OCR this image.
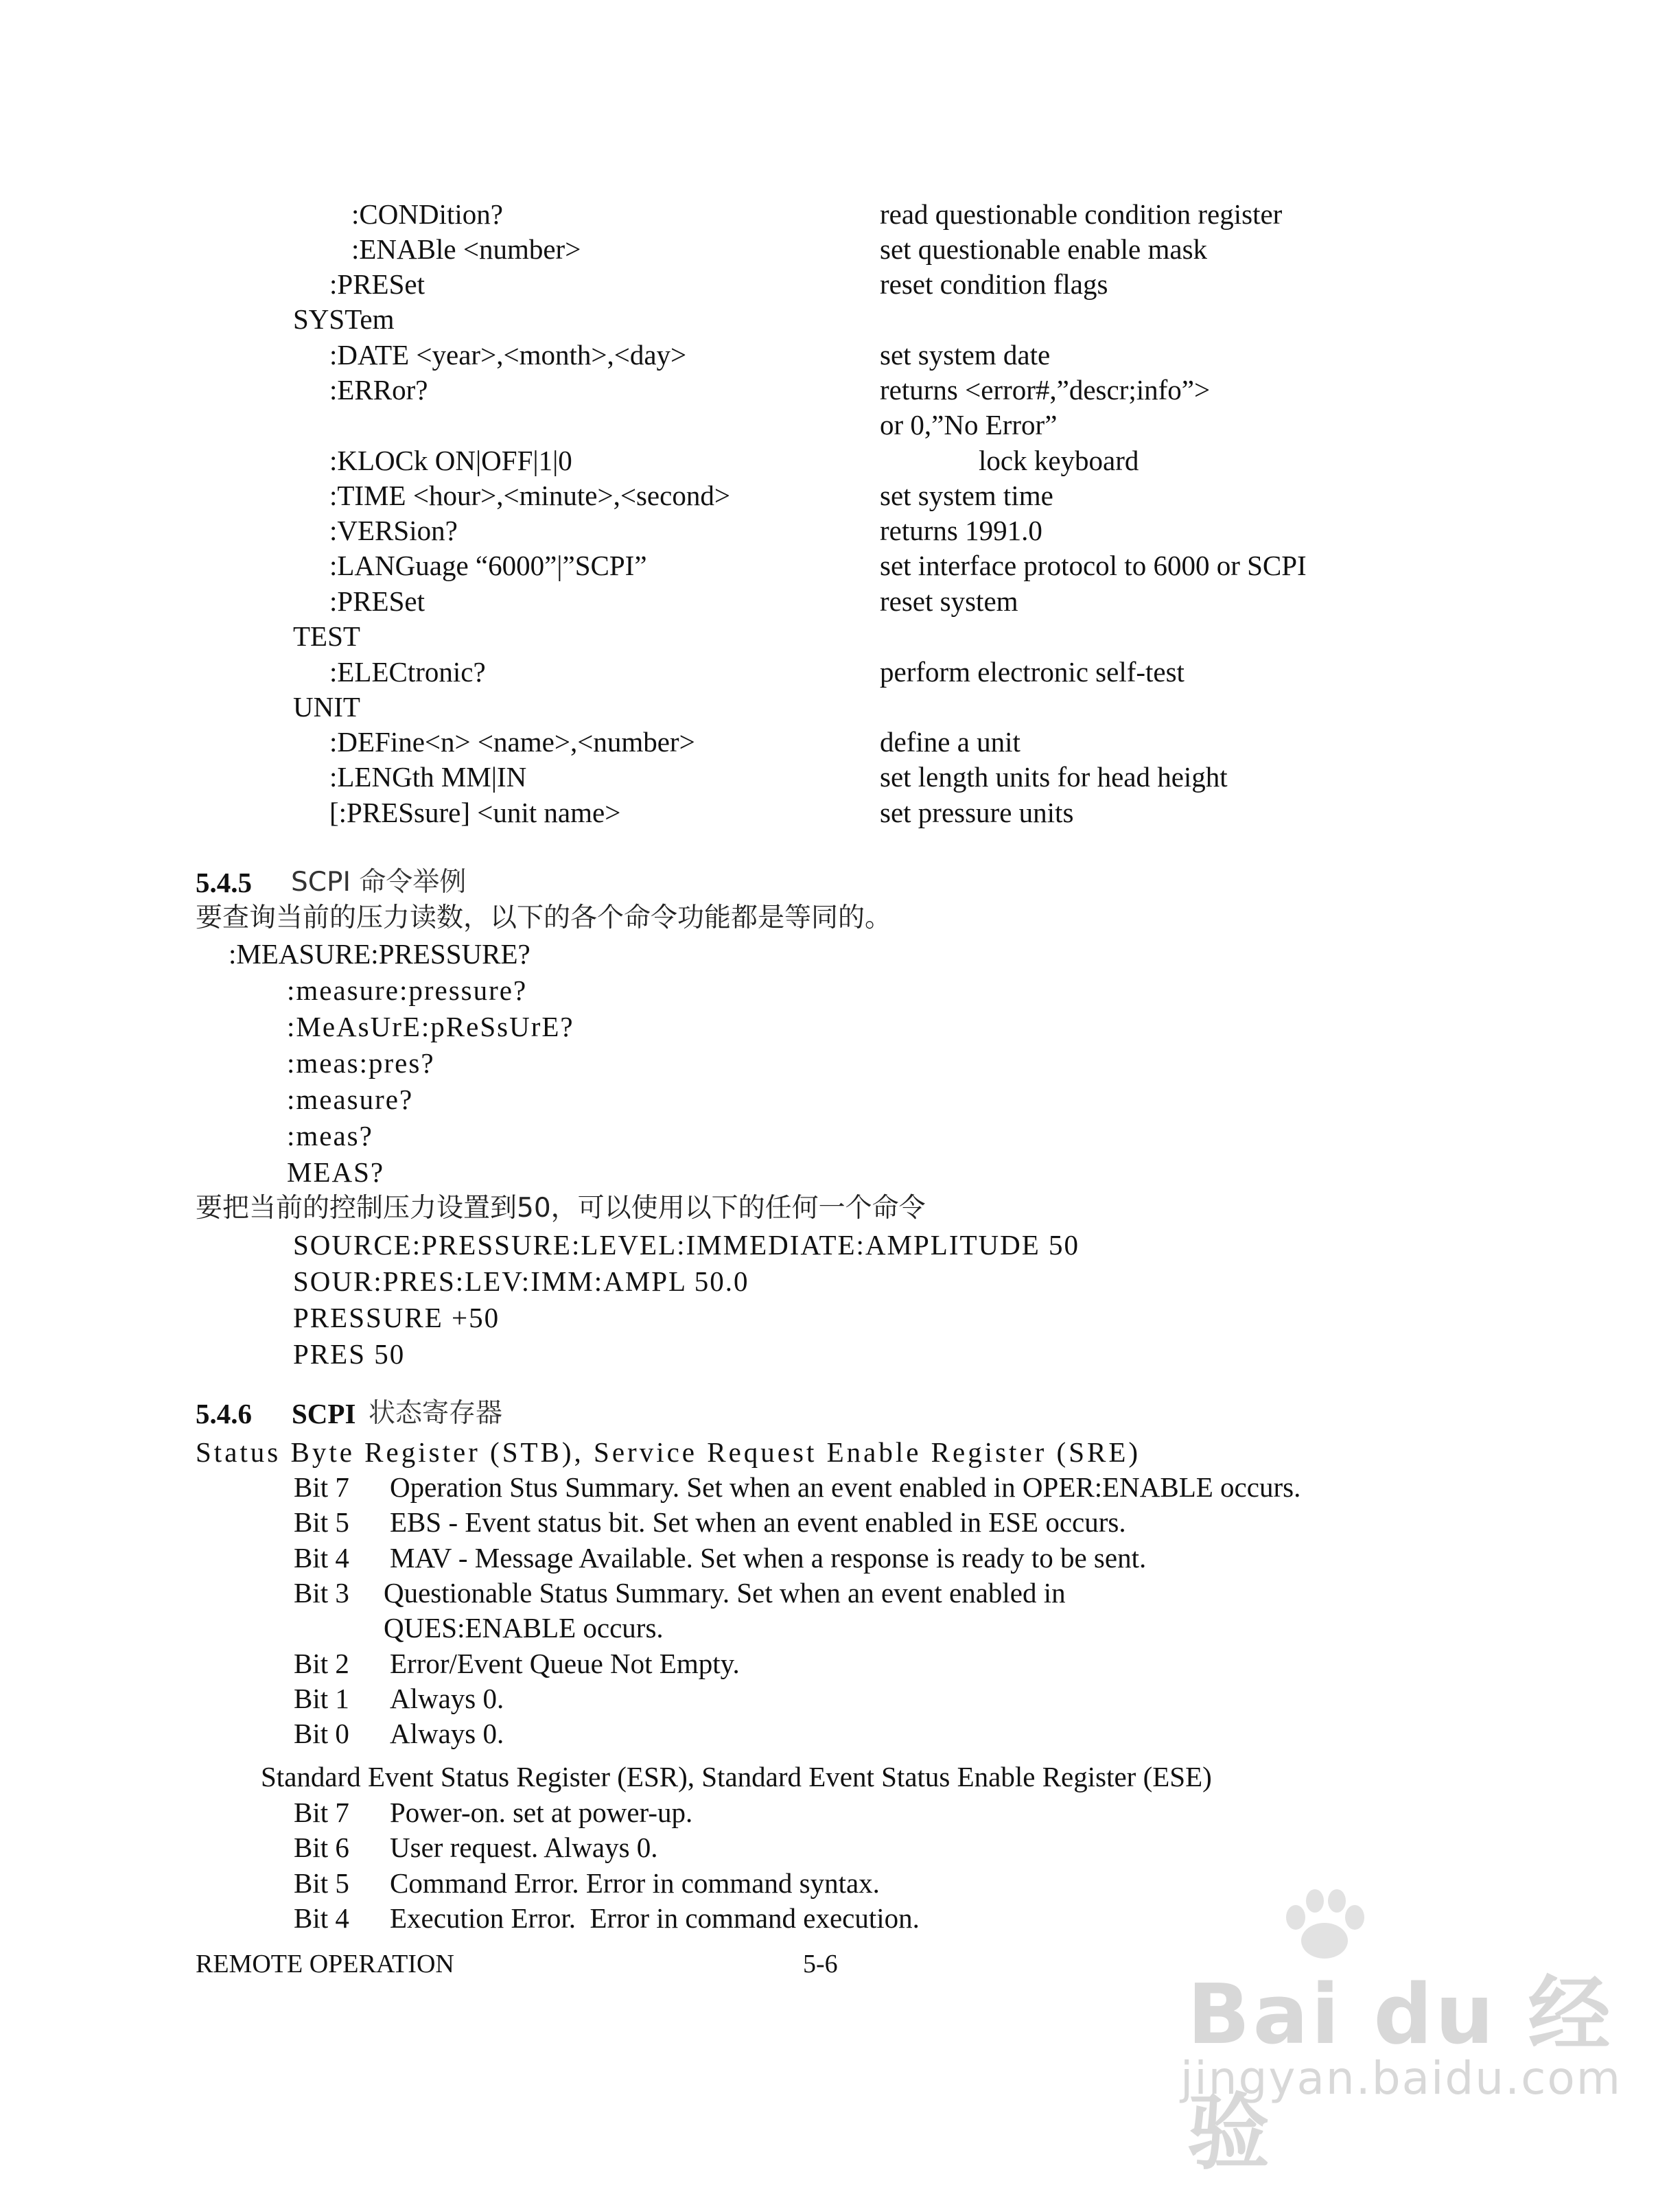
:CONDition?	read questionable condition register
:ENABle <number>	set questionable enable mask
:PRESet	reset condition flags
SYSTem
:DATE <year>,<month>,<day>	set system date
:ERRor?	returns <error#,”descr;info”>
or 0,”No Error”
:KLOCk ON|OFF|1|0	lock keyboard
:TIME <hour>,<minute>,<second>	set system time
:VERSion?	returns 1991.0
:LANGuage “6000”|”SCPI”	set interface protocol to 6000 or SCPI
:PRESet	reset system
TEST
:ELECtronic?	perform electronic self-test
UNIT
:DEFine<n> <name>,<number>	define a unit
:LENGth MM|IN	set length units for head height
[:PRESsure] <unit name>	set pressure units
5.4.5 SCPI 命令举例
要查询当前的压力读数，以下的各个命令功能都是等同的。
:MEASURE:PRESSURE?
:measure:pressure?
:MeAsUrE:pReSsUrE?
:meas:pres?
:measure?
:meas?
MEAS?
要把当前的控制压力设置到50，可以使用以下的任何一个命令
SOURCE:PRESSURE:LEVEL:IMMEDIATE:AMPLITUDE 50
SOUR:PRES:LEV:IMM:AMPL 50.0
PRESSURE +50
PRES 50
5.4.6 SCPI 状态寄存器
Status Byte Register (STB), Service Request Enable Register (SRE)
Bit 7 Operation Stus Summary. Set when an event enabled in OPER:ENABLE occurs.
Bit 5 EBS - Event status bit. Set when an event enabled in ESE occurs.
Bit 4 MAV - Message Available. Set when a response is ready to be sent.
Bit 3 Questionable Status Summary. Set when an event enabled in
QUES:ENABLE occurs.
Bit 2 Error/Event Queue Not Empty.
Bit 1 Always 0.
Bit 0 Always 0.
Standard Event Status Register (ESR), Standard Event Status Enable Register (ESE)
Bit 7 Power-on. set at power-up.
Bit 6 User request. Always 0.
Bit 5 Command Error. Error in command syntax.
Bit 4 Execution Error.  Error in command execution.
REMOTE OPERATION	5-6
Bai du 经验
jingyan.baidu.com
